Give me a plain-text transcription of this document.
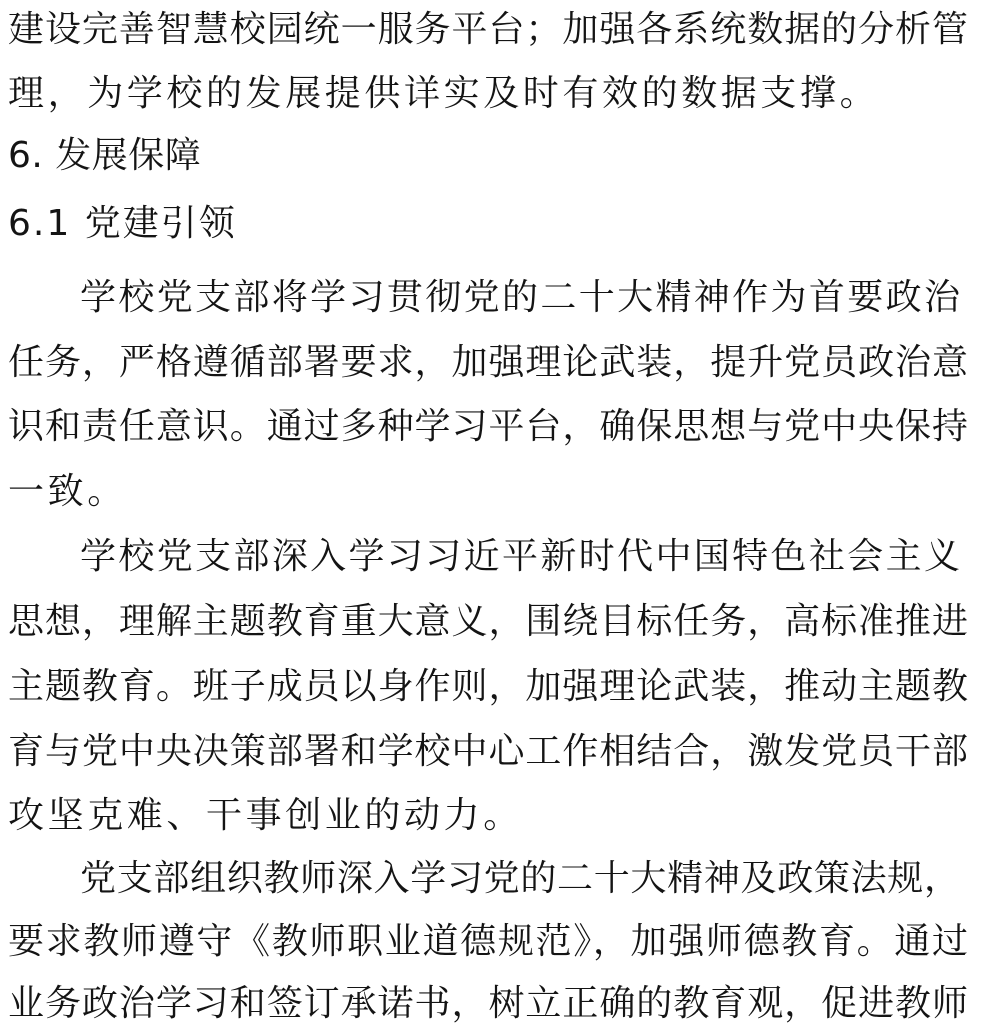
建设完善智慧校园统一服务平台；加强各系统数据的分析管
理，为学校的发展提供详实及时有效的数据支撑。
6. 发展保障
6.1 党建引领
学校党支部将学习贯彻党的二十大精神作为首要政治
任务，严格遵循部署要求，加强理论武装，提升党员政治意
识和责任意识。通过多种学习平台，确保思想与党中央保持
一致。
学校党支部深入学习习近平新时代中国特色社会主义
思想，理解主题教育重大意义，围绕目标任务，高标准推进
主题教育。班子成员以身作则，加强理论武装，推动主题教
育与党中央决策部署和学校中心工作相结合，激发党员干部
攻坚克难、干事创业的动力。
党支部组织教师深入学习党的二十大精神及政策法规，
要求教师遵守《教师职业道德规范》，加强师德教育。通过
业务政治学习和签订承诺书，树立正确的教育观，促进教师
